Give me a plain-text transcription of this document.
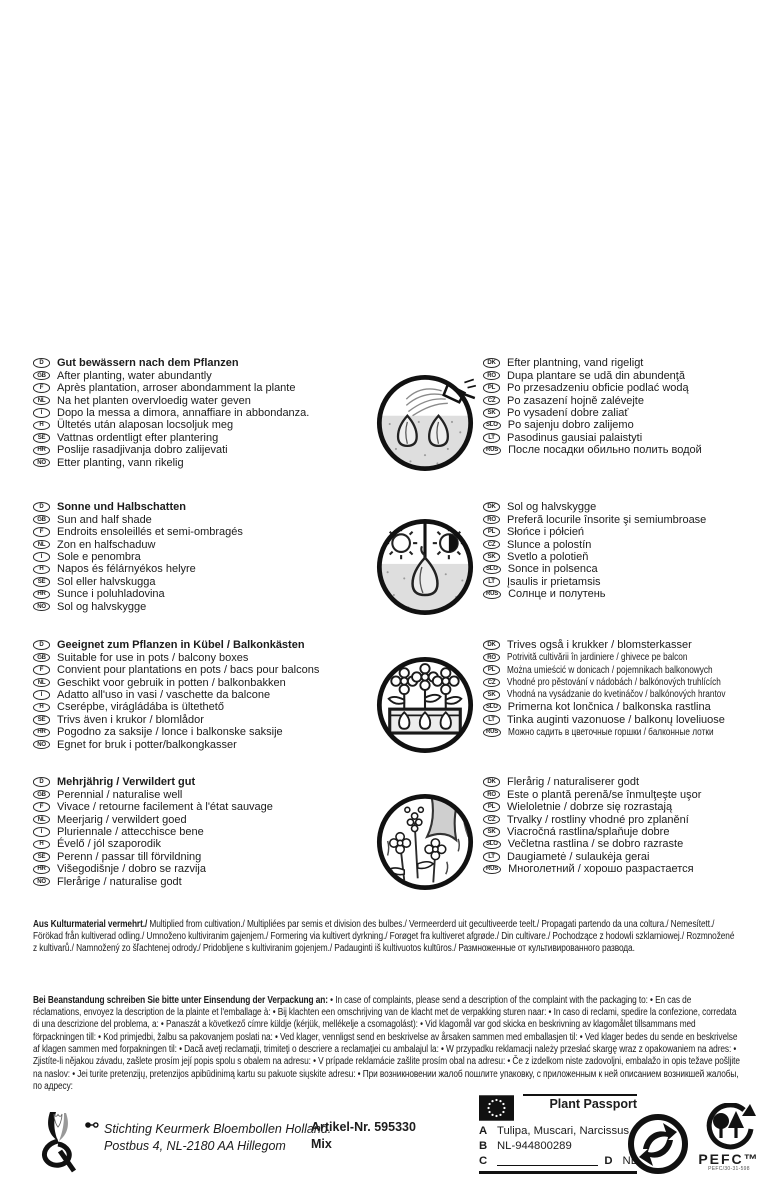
D	Gut bewässern nach dem Pflanzen
GB	After planting, water abundantly
F	Après plantation, arroser abondamment la plante
NL	Na het planten overvloedig water geven
I	Dopo la messa a dimora, annaffiare in abbondanza.
H	Ültetés után alaposan locsoljuk meg
SE	Vattnas ordentligt efter plantering
HR	Poslije rasadjivanja dobro zalijevati
NO	Etter planting, vann rikelig
DK	Efter plantning, vand rigeligt
RO	Dupa plantare se udă din abundenţă
PL	Po przesadzeniu obficie podlać wodą
CZ	Po zasazení hojně zalévejte
SK	Po vysadení dobre zaliať
SLO Po sajenju dobro zalijemo
LT	Pasodinus gausiai palaistyti
RUS После посадки обильно полить водой
D	Sonne und Halbschatten
GB	Sun and half shade
F	Endroits ensoleillés et semi-ombragés
NL	Zon en halfschaduw
I	Sole e penombra
H	Napos és félárnyékos helyre
SE	Sol eller halvskugga
HR	Sunce i poluhladovina
NO	Sol og halvskygge
DK	Sol og halvskygge
RO	Preferă locurile însorite şi semiumbroase
PL	Słońce i półcień
CZ	Slunce a polostín
SK	Svetlo a polotieň
SLO Sonce in polsenca
LT	Įsaulis ir prietamsis
RUS Солнце и полутень
D	Geeignet zum Pflanzen in Kübel / Balkonkästen
GB	Suitable for use in pots / balcony boxes
F	Convient pour plantations en pots / bacs pour balcons
NL	Geschikt voor gebruik in potten / balkonbakken
I	Adatto all'uso in vasi / vaschette da balcone
H	Cserépbe, virágládába is ültethető
SE	Trivs även i krukor / blomlådor
HR	Pogodno za saksije / lonce i balkonske saksije
NO	Egnet for bruk i potter/balkongkasser
DK	Trives også i krukker / blomsterkasser
RO	Potrivită cultivării în jardiniere / ghivece pe balcon
PL	Można umieścić w donicach / pojemnikach balkonowych
CZ	Vhodné pro pěstování v nádobách / balkónových truhlících
SK	Vhodná na vysádzanie do kvetináčov / balkónových hrantov
SLO Primerna kot lončnica / balkonska rastlina
LT	Tinka auginti vazonuose / balkonų loveliuose
RUS Можно садить в цветочные горшки / балконные лотки
D	Mehrjährig / Verwildert gut
GB	Perennial / naturalise well
F	Vivace / retourne facilement à l'état sauvage
NL	Meerjarig / verwildert goed
I	Pluriennale / attecchisce bene
H	Évelő / jól szaporodik
SE	Perenn / passar till förvildning
HR	Višegodišnje / dobro se razvija
NO	Flerårige / naturalise godt
DK	Flerårig / naturaliserer godt
RO	Este o plantă perenă/se înmulţeşte uşor
PL	Wieloletnie / dobrze się rozrastają
CZ	Trvalky / rostliny vhodné pro zplanění
SK	Viacročná rastlina/splaňuje dobre
SLO Večletna rastlina / se dobro razraste
LT	Daugiametė / sulaukėja gerai
RUS Многолетний / хорошо разрастается

Aus Kulturmaterial vermehrt./ Multiplied from cultivation./ Multipliées par semis et division des bulbes./ Vermeerderd uit gecultiveerde teelt./ Propagati partendo da una coltura./ Nemesített./ Förökad från kultiverad odling./ Umnoženo kultiviranim gajenjem./ Formering via kultivert dyrkning./ Forøget fra kultiveret afgrøde./ Din cultivare./ Pochodzące z hodowli szklarniowej./ Rozmnožené z kultivarů./ Namnožený zo šľachtenej odrody./ Pridobljene s kultiviranim gojenjem./ Padauginti iš kultivuotos kultūros./ Размноженные от культивированного развода.

Bei Beanstandung schreiben Sie bitte unter Einsendung der Verpackung an: • In case of complaints, please send a description of the complaint with the packaging to: • En cas de réclamations, envoyez la description de la plainte et l'emballage à: • Bij klachten een omschrijving van de klacht met de verpakking sturen naar: • In caso di reclami, spedire la confezione, corredata di una descrizione del problema, a: • Panaszát a következő címre küldje (kérjük, mellékelje a csomagolást): • Vid klagomål var god skicka en beskrivning av klagomålet tillsammans med förpackningen till: • Kod primjedbi, žalbu sa pakovanjem poslati na: • Ved klager, vennligst send en beskrivelse av årsaken sammen med emballasjen til: • Ved klager bedes du sende en beskrivelse af klagen sammen med forpakningen til: • Dacă aveţi reclamaţii, trimiteţi o descriere a reclamaţiei cu ambalajul la: • W przypadku reklamacji należy przesłać skargę wraz z opakowaniem na adres: • Zjistíte-li nějakou závadu, zašlete prosím její popis spolu s obalem na adresu: • V prípade reklamácie zašlite prosím obal na adresu: • Če z izdelkom niste zadovoljni, embalažo in opis težave pošljite na naslov: • Jei turite pretenzijų, pretenzijos apibūdinimą kartu su pakuote siųskite adresu: • При возникновении жалоб пошлите упаковку, с приложенным к ней описанием возникшей жалобы, по адресу:

Stichting Keurmerk Bloembollen Holland.
Postbus 4, NL-2180 AA Hillegom
Artikel-Nr. 595330
Mix
Plant Passport
A Tulipa, Muscari, Narcissus
B NL-944800289
C	D NL	PEFC™
PEFC/30-31-598
